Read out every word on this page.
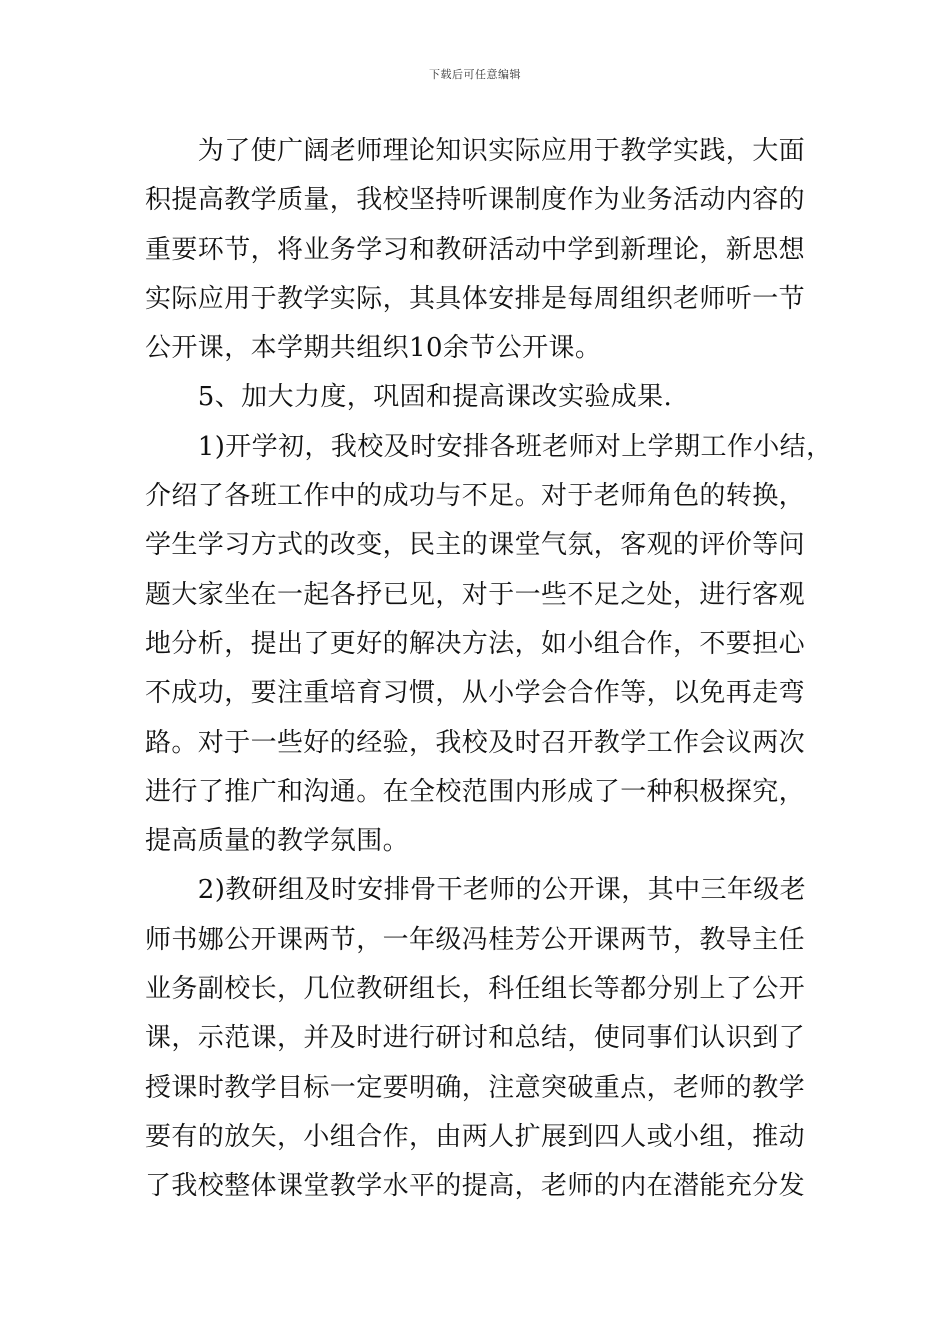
下载后可任意编辑
　　为了使广阔老师理论知识实际应用于教学实践，大面
积提高教学质量，我校坚持听课制度作为业务活动内容的
重要环节，将业务学习和教研活动中学到新理论，新思想
实际应用于教学实际，其具体安排是每周组织老师听一节
公开课，本学期共组织10余节公开课。
　　5、加大力度，巩固和提高课改实验成果.
　　1)开学初，我校及时安排各班老师对上学期工作小结，
介绍了各班工作中的成功与不足。对于老师角色的转换，
学生学习方式的改变，民主的课堂气氛，客观的评价等问
题大家坐在一起各抒已见，对于一些不足之处，进行客观
地分析，提出了更好的解决方法，如小组合作，不要担心
不成功，要注重培育习惯，从小学会合作等，以免再走弯
路。对于一些好的经验，我校及时召开教学工作会议两次
进行了推广和沟通。在全校范围内形成了一种积极探究，
提高质量的教学氛围。
　　2)教研组及时安排骨干老师的公开课，其中三年级老
师书娜公开课两节，一年级冯桂芳公开课两节，教导主任
业务副校长，几位教研组长，科任组长等都分别上了公开
课，示范课，并及时进行研讨和总结，使同事们认识到了
授课时教学目标一定要明确，注意突破重点，老师的教学
要有的放矢，小组合作，由两人扩展到四人或小组，推动
了我校整体课堂教学水平的提高，老师的内在潜能充分发
